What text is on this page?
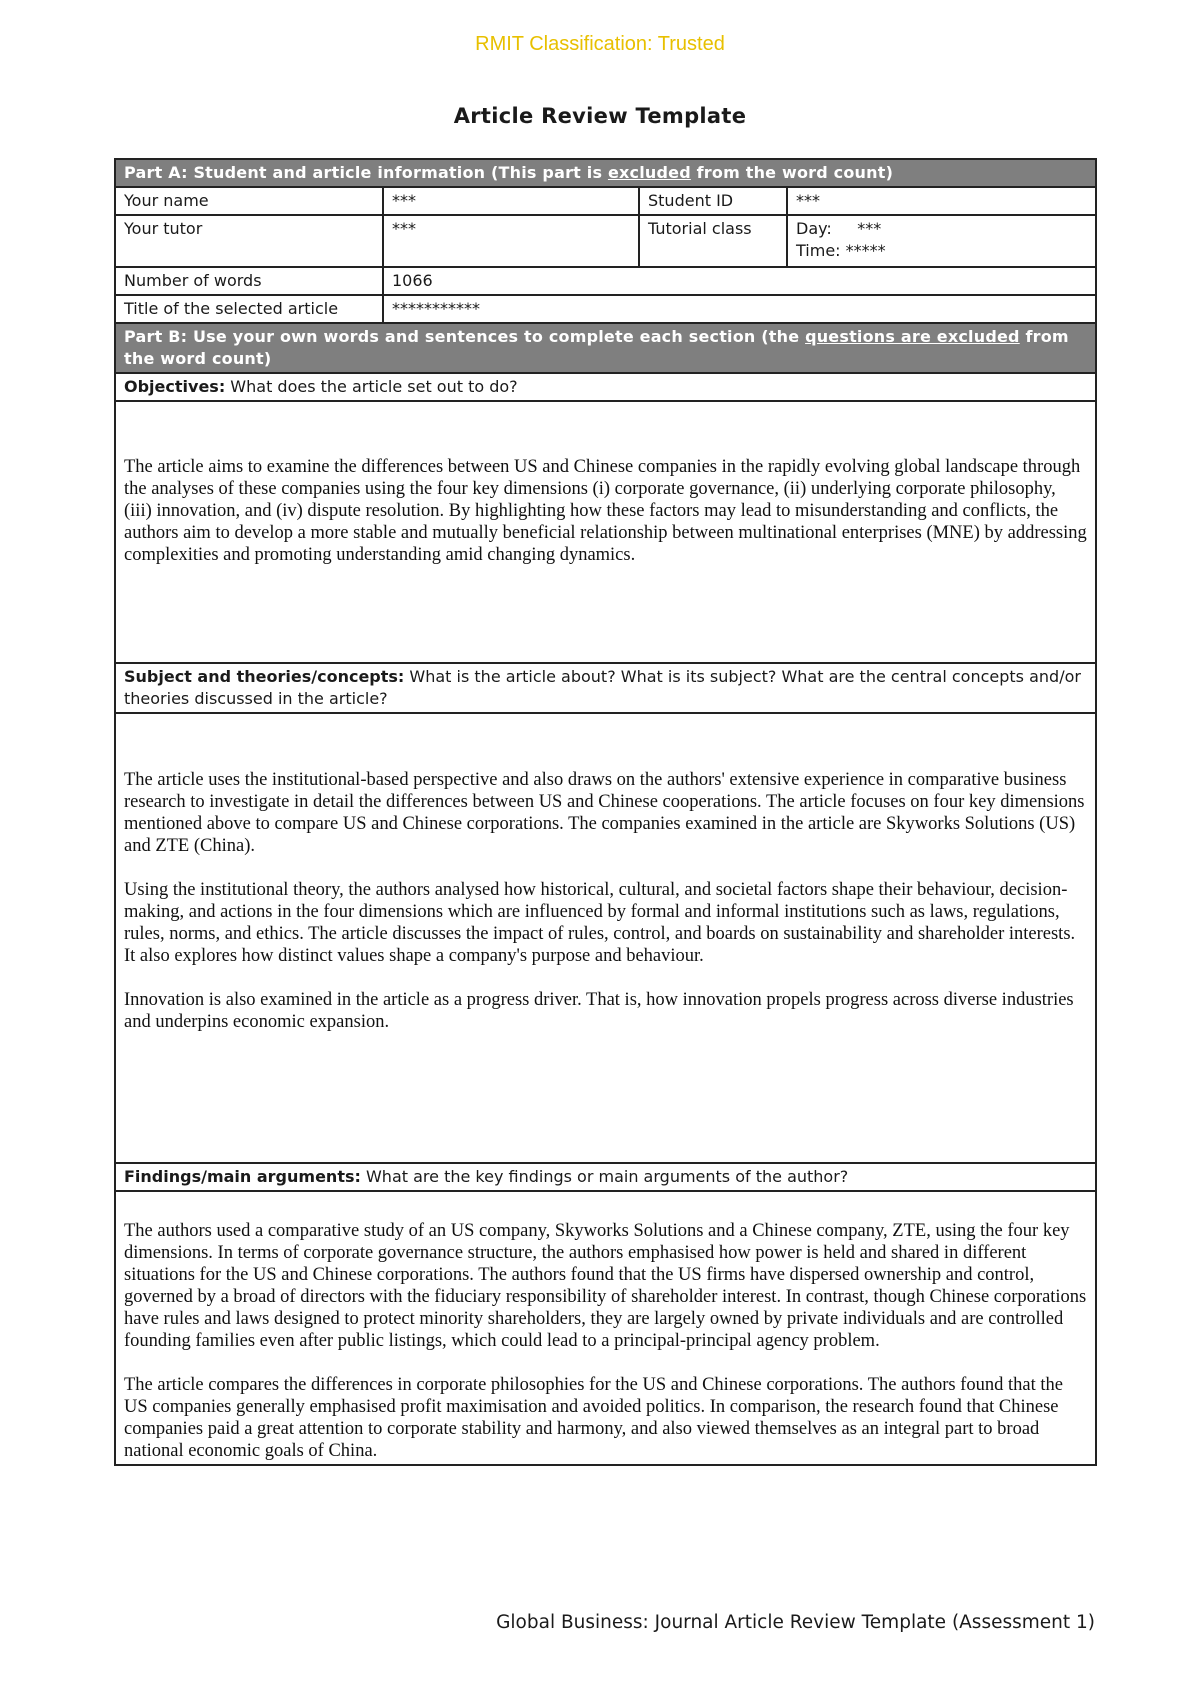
RMIT Classification: Trusted
Article Review Template
Part A: Student and article information (This part is excluded from the word count)			
Your name	***	Student ID	***
Your tutor	***	Tutorial class	Day: ***
Time: *****

Number of words	1066		
Title of the selected article	***********		
Part B: Use your own words and sentences to complete each section (the questions are excluded from the word count)			
Objectives: What does the article set out to do?			

The article aims to examine the differences between US and Chinese companies in the rapidly evolving global landscape through the analyses of these companies using the four key dimensions (i) corporate governance, (ii) underlying corporate philosophy, (iii) innovation, and (iv) dispute resolution. By highlighting how these factors may lead to misunderstanding and conflicts, the authors aim to develop a more stable and mutually beneficial relationship between multinational enterprises (MNE) by addressing complexities and promoting understanding amid changing dynamics.			

Subject and theories/concepts: What is the article about? What is its subject? What are the central concepts and/or theories discussed in the article?			

The article uses the institutional-based perspective and also draws on the authors' extensive experience in comparative business research to investigate in detail the differences between US and Chinese cooperations. The article focuses on four key dimensions mentioned above to compare US and Chinese corporations. The companies examined in the article are Skyworks Solutions (US) and ZTE (China).

Using the institutional theory, the authors analysed how historical, cultural, and societal factors shape their behaviour, decision-making, and actions in the four dimensions which are influenced by formal and informal institutions such as laws, regulations, rules, norms, and ethics. The article discusses the impact of rules, control, and boards on sustainability and shareholder interests. It also explores how distinct values shape a company's purpose and behaviour.

Innovation is also examined in the article as a progress driver. That is, how innovation propels progress across diverse industries and underpins economic expansion.			

Findings/main arguments: What are the key findings or main arguments of the author?			

The authors used a comparative study of an US company, Skyworks Solutions and a Chinese company, ZTE, using the four key dimensions. In terms of corporate governance structure, the authors emphasised how power is held and shared in different situations for the US and Chinese corporations. The authors found that the US firms have dispersed ownership and control, governed by a broad of directors with the fiduciary responsibility of shareholder interest. In contrast, though Chinese corporations have rules and laws designed to protect minority shareholders, they are largely owned by private individuals and are controlled founding families even after public listings, which could lead to a principal-principal agency problem.

The article compares the differences in corporate philosophies for the US and Chinese corporations. The authors found that the US companies generally emphasised profit maximisation and avoided politics. In comparison, the research found that Chinese companies paid a great attention to corporate stability and harmony, and also viewed themselves as an integral part to broad national economic goals of China.			

Global Business: Journal Article Review Template (Assessment 1)
